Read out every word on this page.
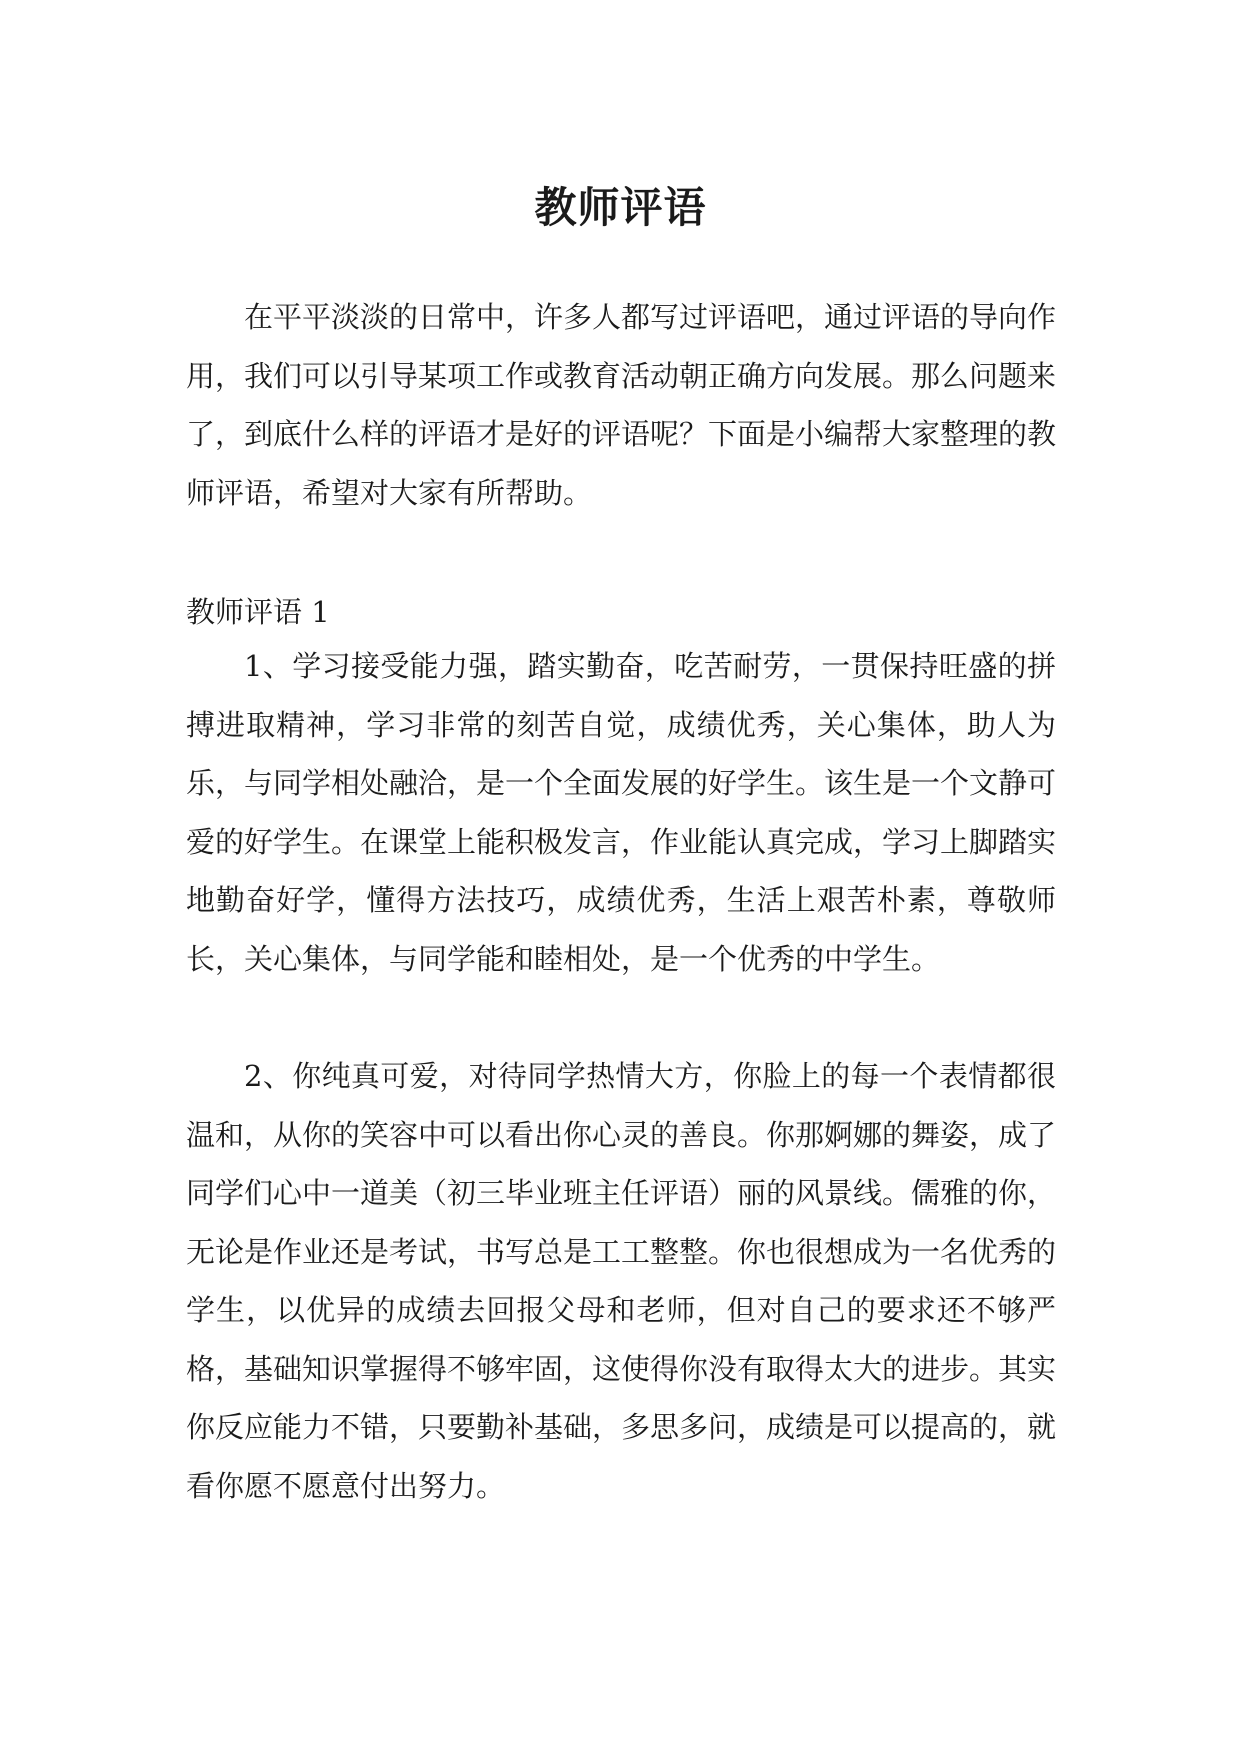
教师评语

在平平淡淡的日常中，许多人都写过评语吧，通过评语的导向作用，我们可以引导某项工作或教育活动朝正确方向发展。那么问题来了，到底什么样的评语才是好的评语呢？下面是小编帮大家整理的教师评语，希望对大家有所帮助。

教师评语 1

1、学习接受能力强，踏实勤奋，吃苦耐劳，一贯保持旺盛的拼搏进取精神，学习非常的刻苦自觉，成绩优秀，关心集体，助人为乐，与同学相处融洽，是一个全面发展的好学生。该生是一个文静可爱的好学生。在课堂上能积极发言，作业能认真完成，学习上脚踏实地勤奋好学，懂得方法技巧，成绩优秀，生活上艰苦朴素，尊敬师长，关心集体，与同学能和睦相处，是一个优秀的中学生。

2、你纯真可爱，对待同学热情大方，你脸上的每一个表情都很温和，从你的笑容中可以看出你心灵的善良。你那婀娜的舞姿，成了同学们心中一道美（初三毕业班主任评语）丽的风景线。儒雅的你，无论是作业还是考试，书写总是工工整整。你也很想成为一名优秀的学生，以优异的成绩去回报父母和老师，但对自己的要求还不够严格，基础知识掌握得不够牢固，这使得你没有取得太大的进步。其实你反应能力不错，只要勤补基础，多思多问，成绩是可以提高的，就看你愿不愿意付出努力。
